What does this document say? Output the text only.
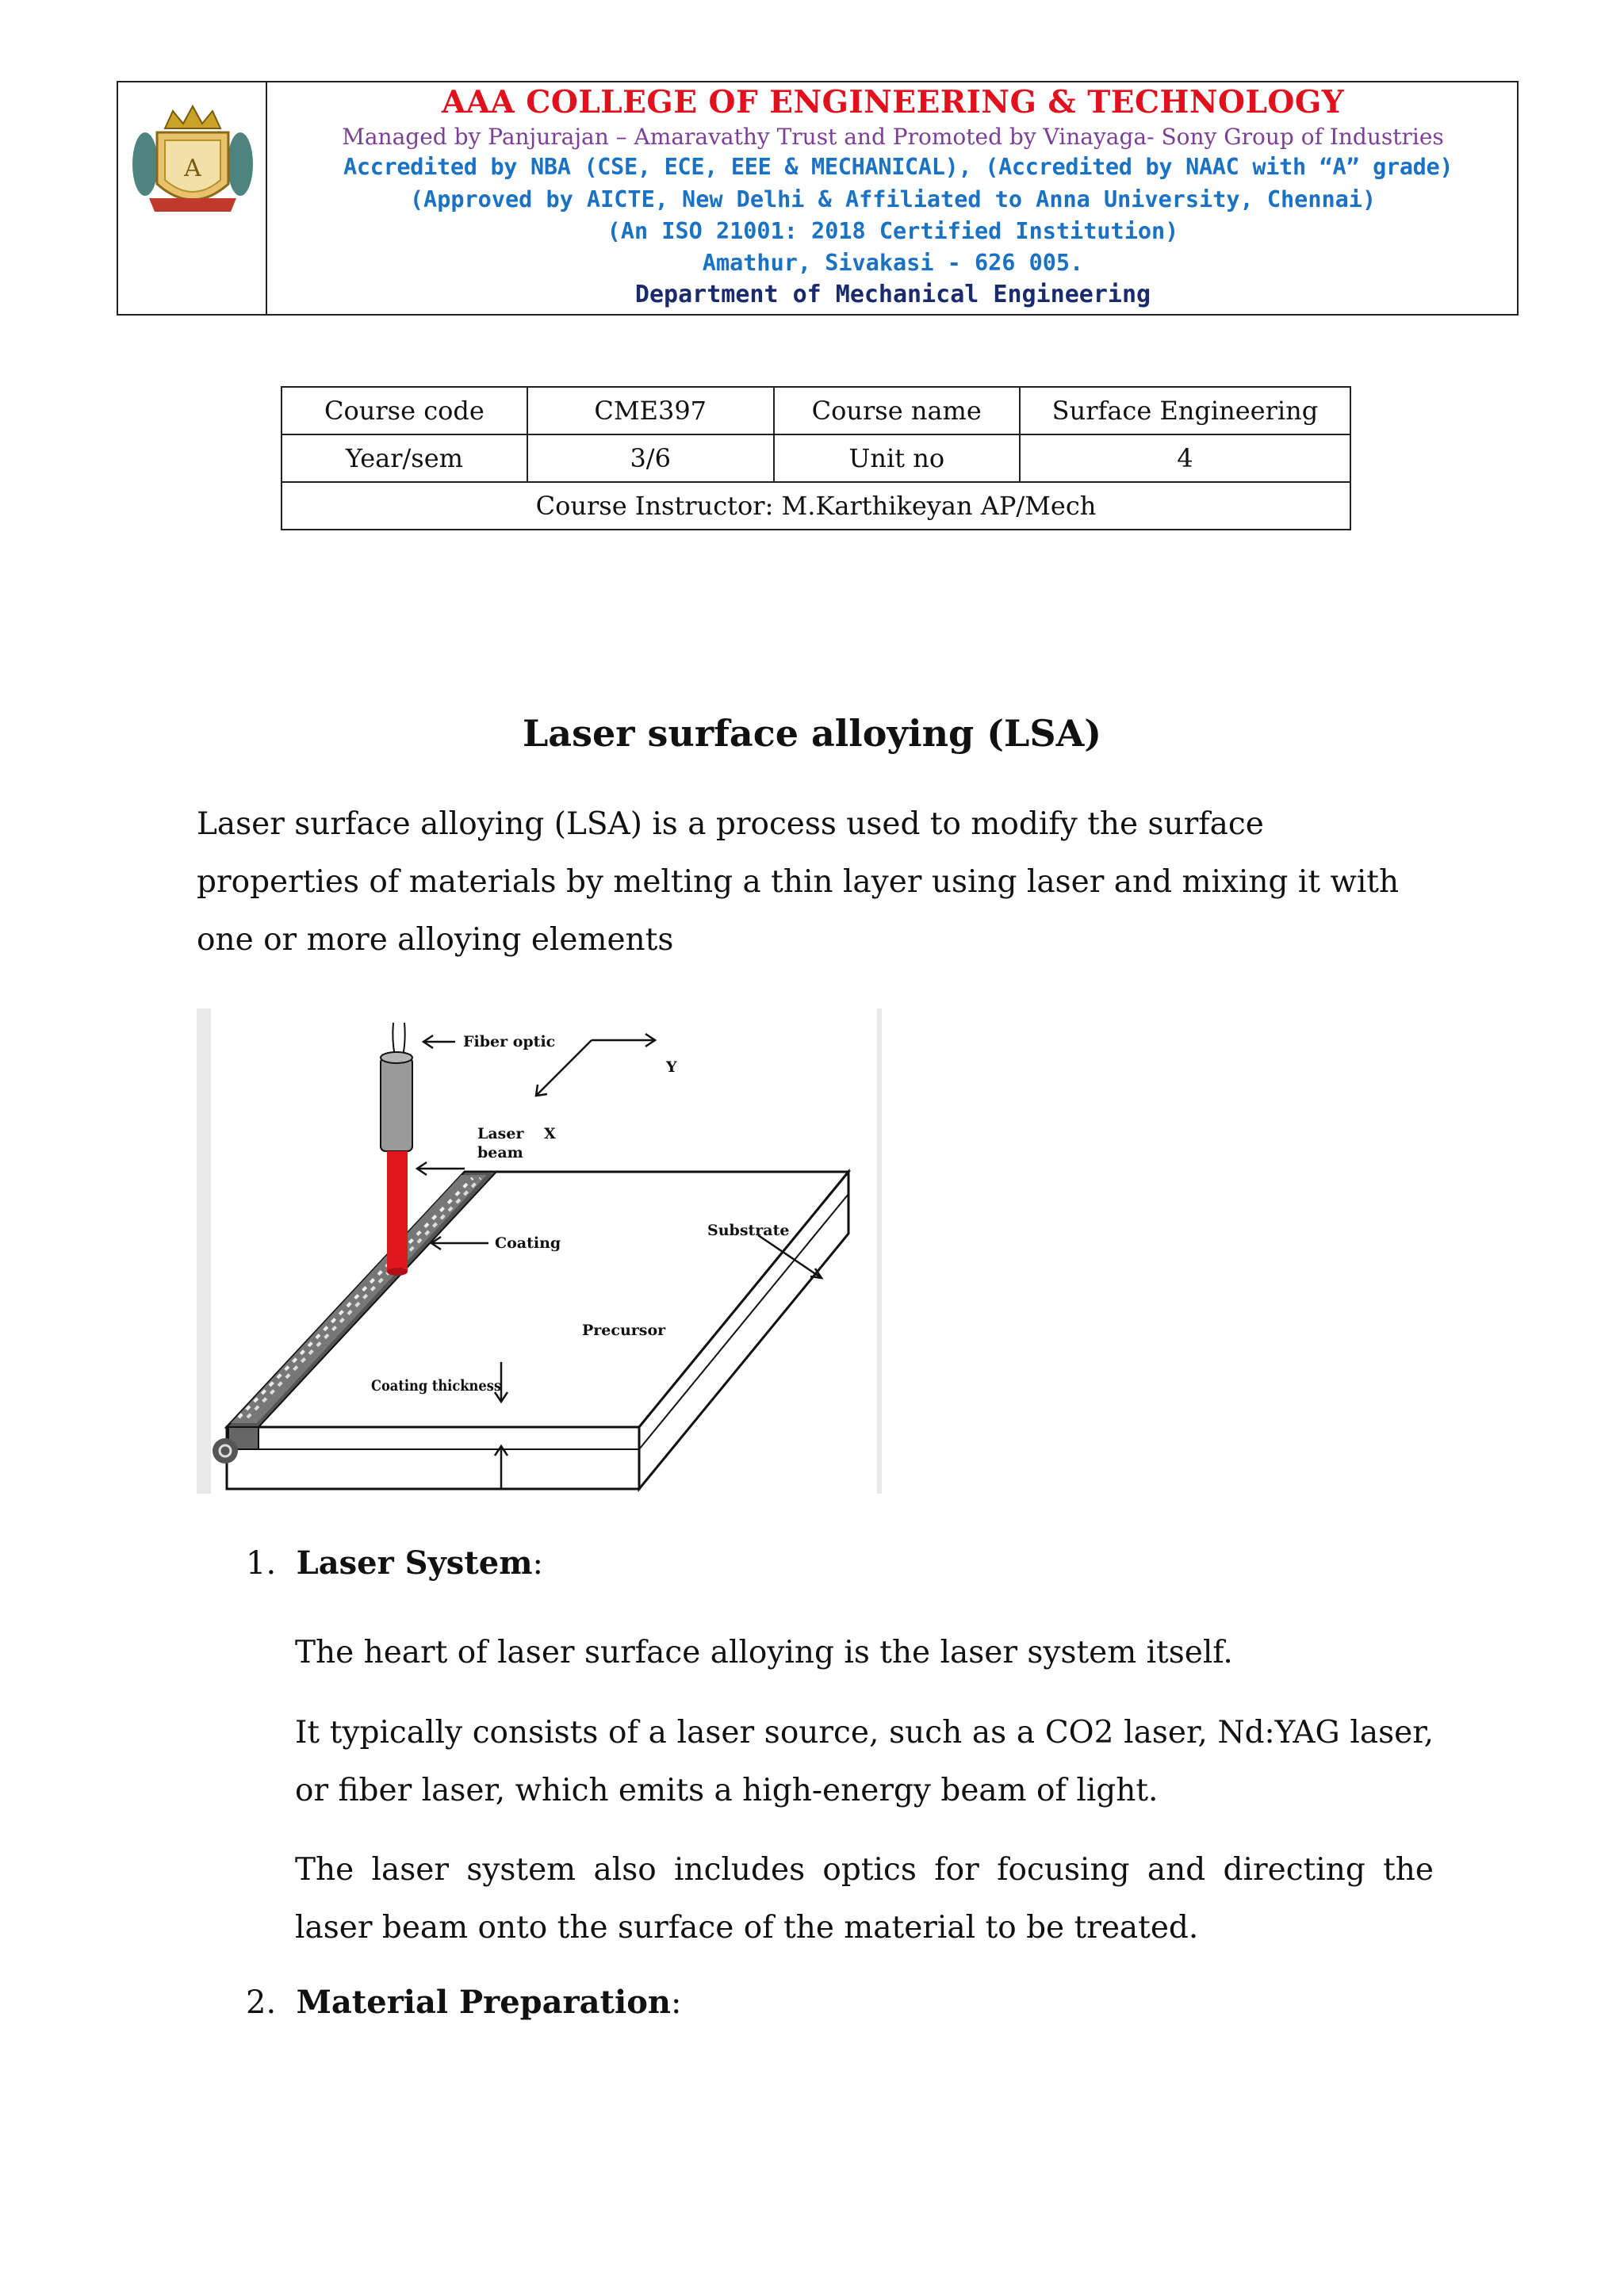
A
AAA COLLEGE OF ENGINEERING & TECHNOLOGY
Managed by Panjurajan – Amaravathy Trust and Promoted by Vinayaga- Sony Group of Industries
Accredited by NBA (CSE, ECE, EEE & MECHANICAL), (Accredited by NAAC with “A” grade)
(Approved by AICTE, New Delhi & Affiliated to Anna University, Chennai)
(An ISO 21001: 2018 Certified Institution)
Amathur, Sivakasi - 626 005.
Department of Mechanical Engineering
Course code	CME397	Course name	Surface Engineering
Year/sem	3/6	Unit no	4
Course Instructor: M.Karthikeyan AP/Mech			
Laser surface alloying (LSA)
Laser surface alloying (LSA) is a process used to modify the surface properties of materials by melting a thin layer using laser and mixing it with one or more alloying elements
Fiber optic
Laser
beam
X
Y
Coating
Substrate
Precursor
Coating thickness
1. Laser System:
The heart of laser surface alloying is the laser system itself.
It typically consists of a laser source, such as a CO2 laser, Nd:YAG laser, or fiber laser, which emits a high-energy beam of light.
The laser system also includes optics for focusing and directing the laser beam onto the surface of the material to be treated.
2. Material Preparation:
